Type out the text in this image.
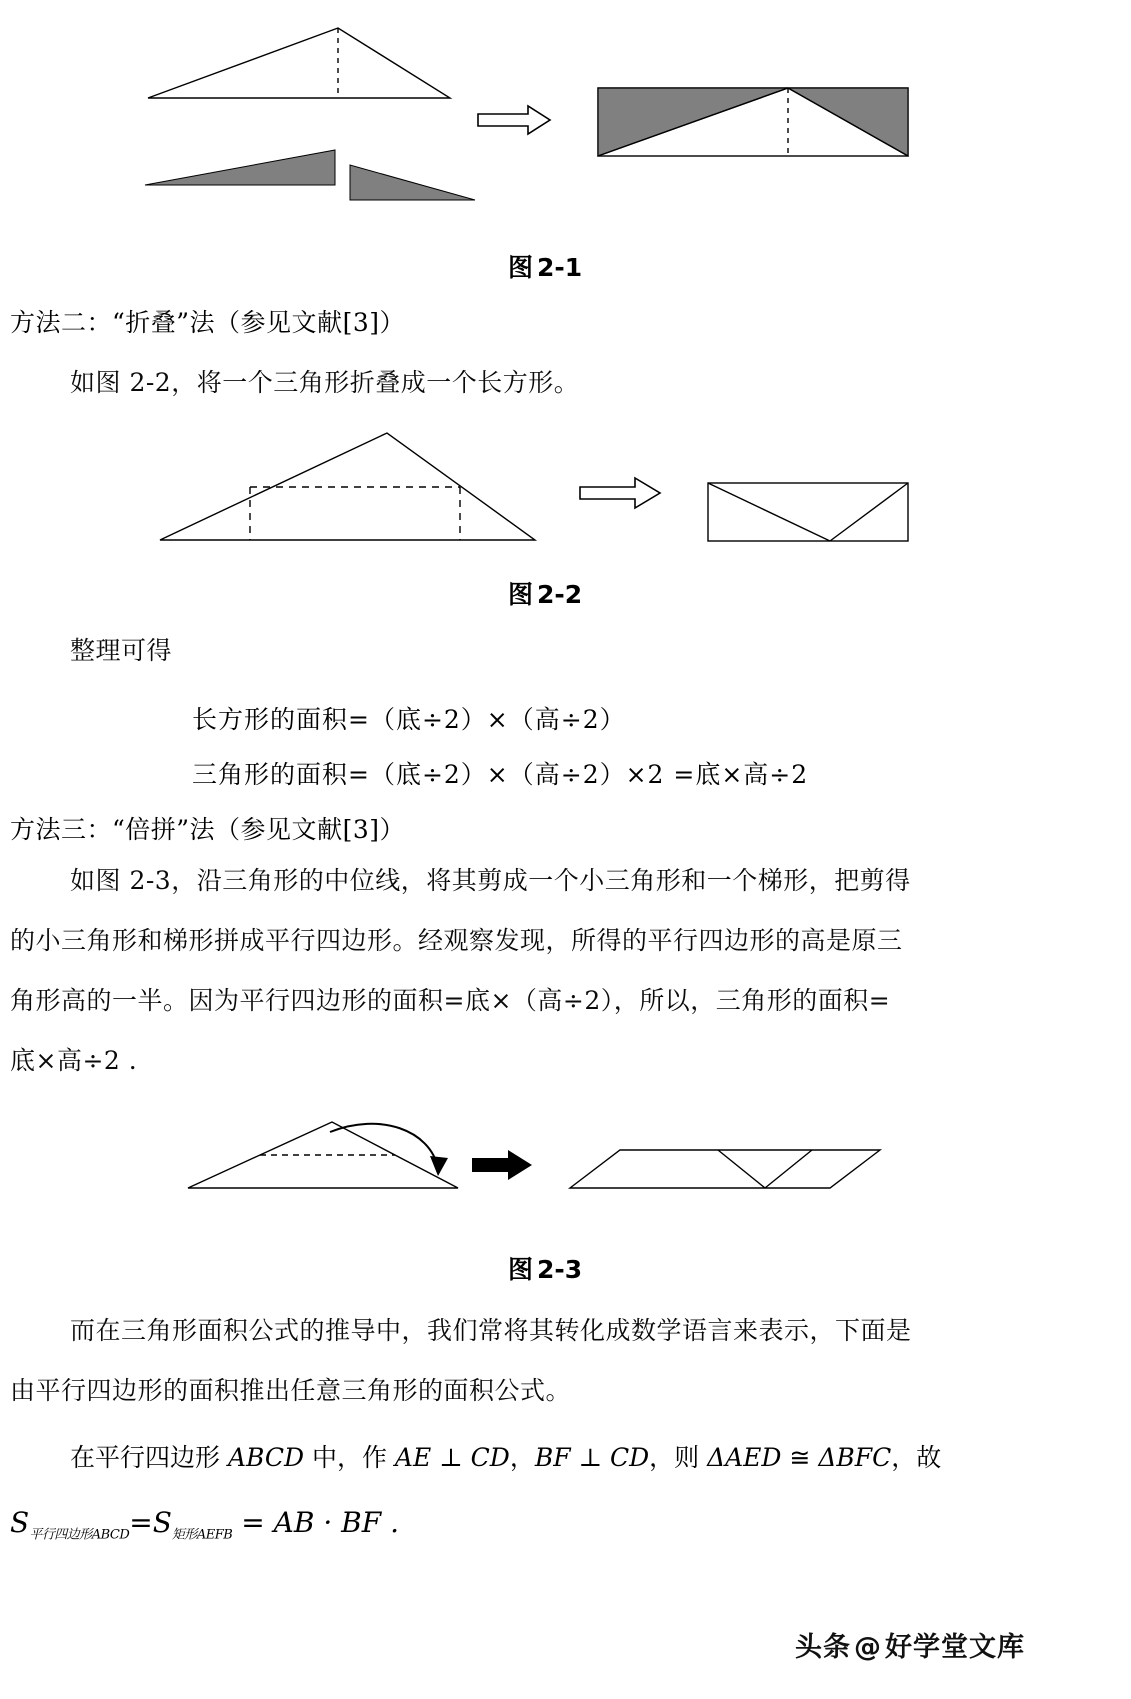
图 2-1
方法二：“折叠”法（参见文献[3]）
如图 2-2，将一个三角形折叠成一个长方形。
图 2-2
整理可得
长方形的面积=（底÷2）×（高÷2）
三角形的面积=（底÷2）×（高÷2）×2 =底×高÷2
方法三：“倍拼”法（参见文献[3]）
如图 2-3，沿三角形的中位线，将其剪成一个小三角形和一个梯形，把剪得
的小三角形和梯形拼成平行四边形。经观察发现，所得的平行四边形的高是原三
角形高的一半。因为平行四边形的面积=底×（高÷2），所以，三角形的面积=
底×高÷2 .
图 2-3
而在三角形面积公式的推导中，我们常将其转化成数学语言来表示，下面是
由平行四边形的面积推出任意三角形的面积公式。
在平行四边形 ABCD 中，作 AE ⊥ CD，BF ⊥ CD，则 ΔAED ≅ ΔBFC，故
$S_{平行四边形ABCD}=S_{矩形AEFB}$ = AB · BF .
头条 @ 好学堂文库
